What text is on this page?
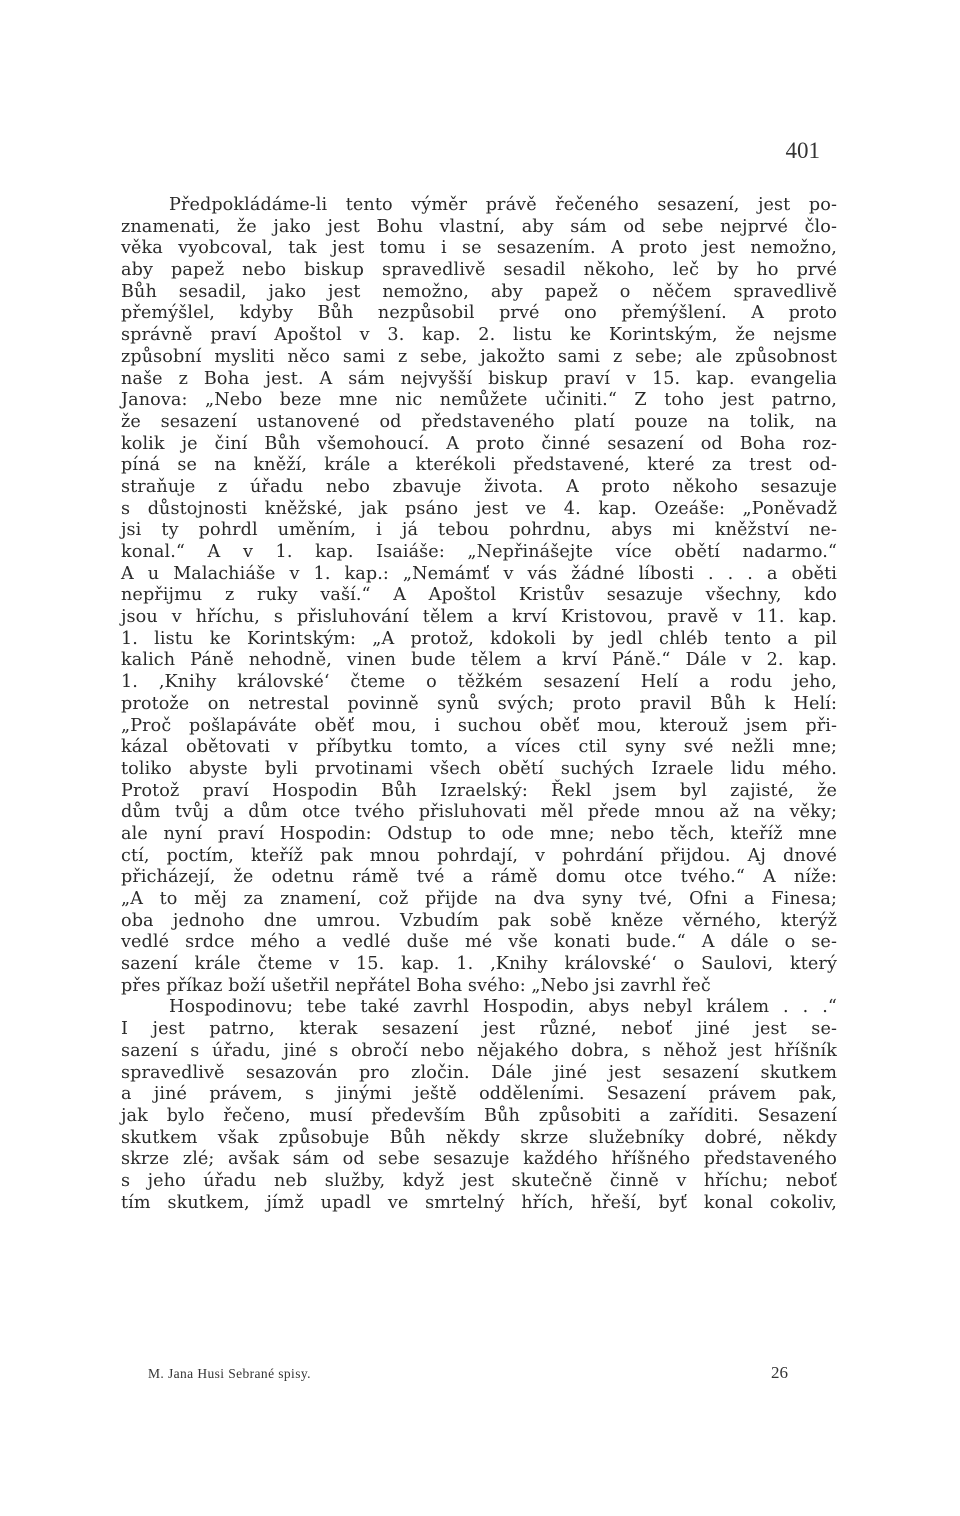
401
Předpokládáme-li tento výměr právě řečeného sesazení, jest po-
znamenati, že jako jest Bohu vlastní, aby sám od sebe nejprvé člo-
věka vyobcoval, tak jest tomu i se sesazením. A proto jest nemožno,
aby papež nebo biskup spravedlivě sesadil někoho, leč by ho prvé
Bůh sesadil, jako jest nemožno, aby papež o něčem spravedlivě
přemýšlel, kdyby Bůh nezpůsobil prvé ono přemýšlení. A proto
správně praví Apoštol v 3. kap. 2. listu ke Korintským, že nejsme
způsobní mysliti něco sami z sebe, jakožto sami z sebe; ale způsobnost
naše z Boha jest. A sám nejvyšší biskup praví v 15. kap. evangelia
Janova: „Nebo beze mne nic nemůžete učiniti.“ Z toho jest patrno,
že sesazení ustanovené od představeného platí pouze na tolik, na
kolik je činí Bůh všemohoucí. A proto činné sesazení od Boha roz-
píná se na kněží, krále a kterékoli představené, které za trest od-
straňuje z úřadu nebo zbavuje života. A proto někoho sesazuje
s důstojnosti kněžské, jak psáno jest ve 4. kap. Ozeáše: „Poněvadž
jsi ty pohrdl uměním, i já tebou pohrdnu, abys mi kněžství ne-
konal.“ A v 1. kap. Isaiáše: „Nepřinášejte více obětí nadarmo.“
A u Malachiáše v 1. kap.: „Nemámť v vás žádné líbosti . . . a oběti
nepřijmu z ruky vaší.“ A Apoštol Kristův sesazuje všechny, kdo
jsou v hříchu, s přisluhování tělem a krví Kristovou, pravě v 11. kap.
1. listu ke Korintským: „A protož, kdokoli by jedl chléb tento a pil
kalich Páně nehodně, vinen bude tělem a krví Páně.“ Dále v 2. kap.
1. ‚Knihy královské‘ čteme o těžkém sesazení Helí a rodu jeho,
protože on netrestal povinně synů svých; proto pravil Bůh k Helí:
„Proč pošlapáváte oběť mou, i suchou oběť mou, kterouž jsem při-
kázal obětovati v příbytku tomto, a víces ctil syny své nežli mne;
toliko abyste byli prvotinami všech obětí suchých Izraele lidu mého.
Protož praví Hospodin Bůh Izraelský: Řekl jsem byl zajisté, že
dům tvůj a dům otce tvého přisluhovati měl přede mnou až na věky;
ale nyní praví Hospodin: Odstup to ode mne; nebo těch, kteříž mne
ctí, poctím, kteříž pak mnou pohrdají, v pohrdání přijdou. Aj dnové
přicházejí, že odetnu rámě tvé a rámě domu otce tvého.“ A níže:
„A to měj za znamení, což přijde na dva syny tvé, Ofni a Finesa;
oba jednoho dne umrou. Vzbudím pak sobě kněze věrného, kterýž
vedlé srdce mého a vedlé duše mé vše konati bude.“ A dále o se-
sazení krále čteme v 15. kap. 1. ‚Knihy královské‘ o Saulovi, který
přes příkaz boží ušetřil nepřátel Boha svého: „Nebo jsi zavrhl řeč
Hospodinovu; tebe také zavrhl Hospodin, abys nebyl králem . . .“
I jest patrno, kterak sesazení jest různé, neboť jiné jest se-
sazení s úřadu, jiné s obročí nebo nějakého dobra, s něhož jest hříšník
spravedlivě sesazován pro zločin. Dále jiné jest sesazení skutkem
a jiné právem, s jinými ještě odděleními. Sesazení právem pak,
jak bylo řečeno, musí především Bůh způsobiti a zaříditi. Sesazení
skutkem však způsobuje Bůh někdy skrze služebníky dobré, někdy
skrze zlé; avšak sám od sebe sesazuje každého hříšného představeného
s jeho úřadu neb služby, když jest skutečně činně v hříchu; neboť
tím skutkem, jímž upadl ve smrtelný hřích, hřeší, byť konal cokoliv,
M. Jana Husi Sebrané spisy.	26
